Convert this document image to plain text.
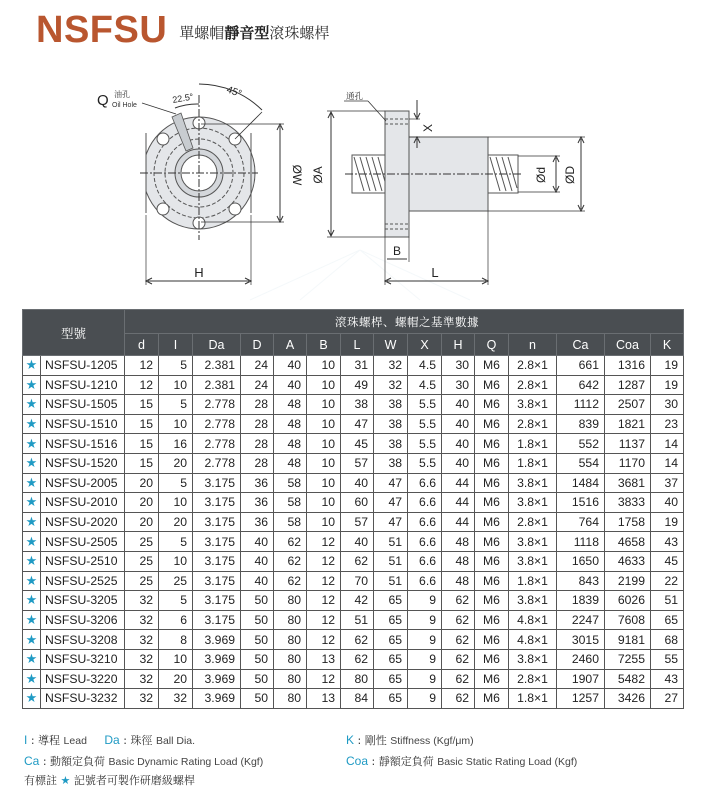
NSFSU 單螺帽靜音型滾珠螺桿
Q 油孔
Oil Hole
22.5°	45°
ØW
H
通孔
X
ØA	Ød ØD
B
L
型號		滾珠螺桿、螺帽之基準數據														
		d	I	Da	D	A	B	L	W	X	H	Q	n	Ca	Coa	K
★	NSFSU-1205	12	5	2.381	24	40	10	31	32	4.5	30	M6	2.8×1	661	1316	19
★	NSFSU-1210	12	10	2.381	24	40	10	49	32	4.5	30	M6	2.8×1	642	1287	19
★	NSFSU-1505	15	5	2.778	28	48	10	38	38	5.5	40	M6	3.8×1	1112	2507	30
★	NSFSU-1510	15	10	2.778	28	48	10	47	38	5.5	40	M6	2.8×1	839	1821	23
★	NSFSU-1516	15	16	2.778	28	48	10	45	38	5.5	40	M6	1.8×1	552	1137	14
★	NSFSU-1520	15	20	2.778	28	48	10	57	38	5.5	40	M6	1.8×1	554	1170	14
★	NSFSU-2005	20	5	3.175	36	58	10	40	47	6.6	44	M6	3.8×1	1484	3681	37
★	NSFSU-2010	20	10	3.175	36	58	10	60	47	6.6	44	M6	3.8×1	1516	3833	40
★	NSFSU-2020	20	20	3.175	36	58	10	57	47	6.6	44	M6	2.8×1	764	1758	19
★	NSFSU-2505	25	5	3.175	40	62	12	40	51	6.6	48	M6	3.8×1	1118	4658	43
★	NSFSU-2510	25	10	3.175	40	62	12	62	51	6.6	48	M6	3.8×1	1650	4633	45
★	NSFSU-2525	25	25	3.175	40	62	12	70	51	6.6	48	M6	1.8×1	843	2199	22
★	NSFSU-3205	32	5	3.175	50	80	12	42	65	9	62	M6	3.8×1	1839	6026	51
★	NSFSU-3206	32	6	3.175	50	80	12	51	65	9	62	M6	4.8×1	2247	7608	65
★	NSFSU-3208	32	8	3.969	50	80	12	62	65	9	62	M6	4.8×1	3015	9181	68
★	NSFSU-3210	32	10	3.969	50	80	13	62	65	9	62	M6	3.8×1	2460	7255	55
★	NSFSU-3220	32	20	3.969	50	80	12	80	65	9	62	M6	2.8×1	1907	5482	43
★	NSFSU-3232	32	32	3.969	50	80	13	84	65	9	62	M6	1.8×1	1257	3426	27
I : 導程 Lead Da : 珠徑 Ball Dia.	K : 剛性 Stiffness (Kgf/μm)
Ca : 動額定負荷 Basic Dynamic Rating Load (Kgf)	Coa : 靜額定負荷 Basic Static Rating Load (Kgf)
有標註 ★ 記號者可製作研磨級螺桿
